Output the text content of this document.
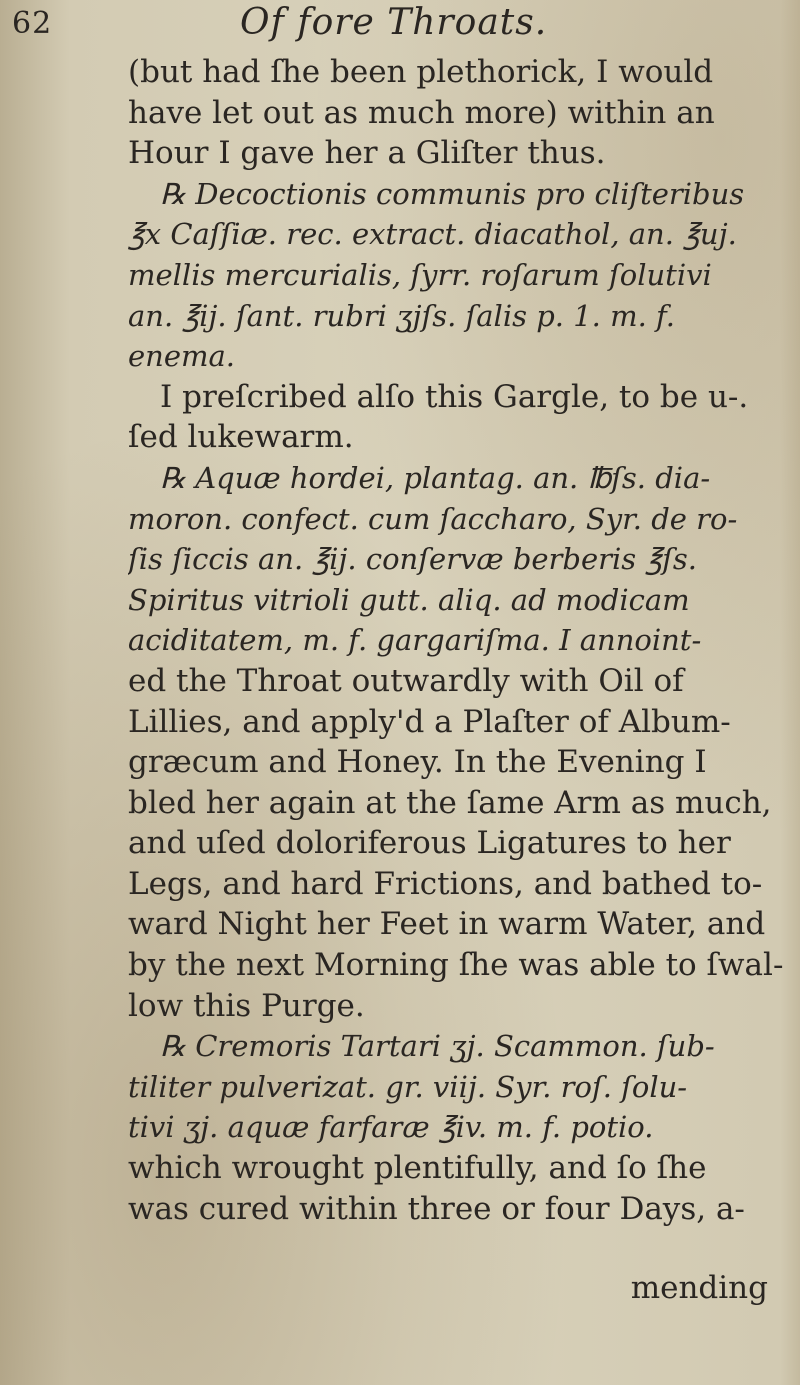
62	Of fore Throats.
(but had ſhe been plethorick, I would
have let out as much more) within an
Hour I gave her a Gliſter thus.
℞ Decoctionis communis pro cliſteribus
℥x Caſſiæ. rec. extract. diacathol, an. ℥uj.
mellis mercurialis, ſyrr. roſarum ſolutivi
an. ℥ij. ſant. rubri ʒjſs. ſalis p. 1. m. f.
enema.
I preſcribed alſo this Gargle, to be u-.
ſed lukewarm.
℞ Aquæ hordei, plantag. an. ℔ſs. dia-
moron. confect. cum ſaccharo, Syr. de ro-
ſis ſiccis an. ℥ij. conſervæ berberis ℥ſs.
Spiritus vitrioli gutt. aliq. ad modicam
aciditatem, m. f. gargariſma. I annoint-
ed the Throat outwardly with Oil of
Lillies, and apply'd a Plaſter of Album-
græcum and Honey. In the Evening I
bled her again at the ſame Arm as much,
and uſed doloriferous Ligatures to her
Legs, and hard Frictions, and bathed to-
ward Night her Feet in warm Water, and
by the next Morning ſhe was able to ſwal-
low this Purge.
℞ Cremoris Tartari ʒj. Scammon. ſub-
tiliter pulverizat. gr. viij. Syr. roſ. ſolu-
tivi ʒj. aquæ farfaræ ℥iv. m. f. potio.
which wrought plentifully, and ſo ſhe
was cured within three or four Days, a-
mending
